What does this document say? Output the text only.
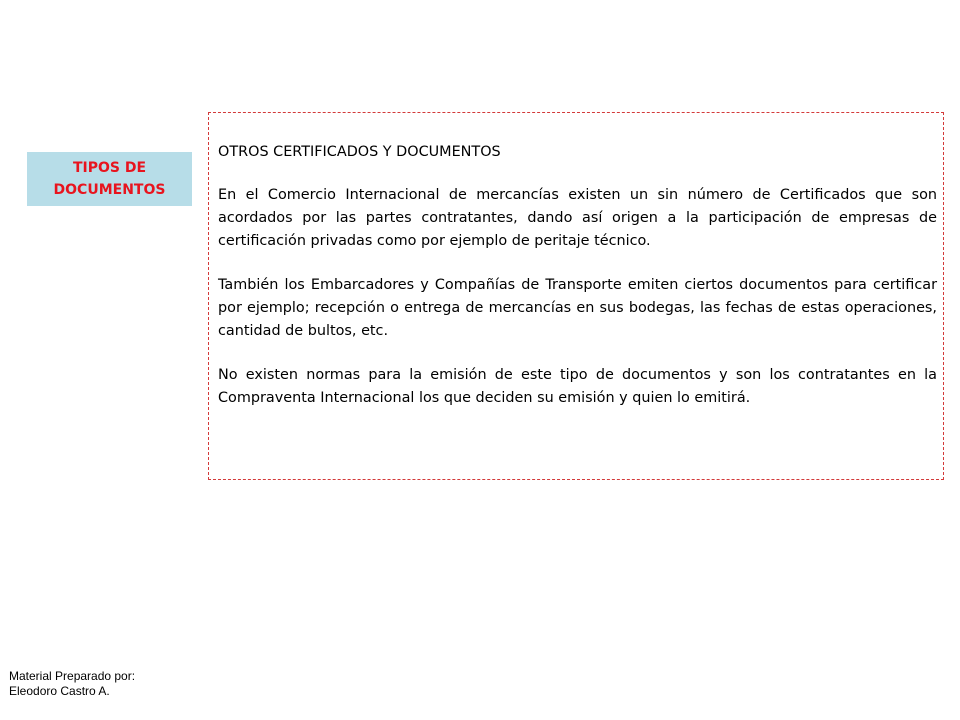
TIPOS DE
DOCUMENTOS
OTROS CERTIFICADOS Y DOCUMENTOS

En el Comercio Internacional de mercancías existen un sin número de Certificados que son acordados por las partes contratantes, dando así origen a la participación de empresas de certificación privadas como por ejemplo de peritaje técnico.

También los Embarcadores y Compañías de Transporte emiten ciertos documentos para certificar por ejemplo; recepción o entrega de mercancías en sus bodegas, las fechas de estas operaciones, cantidad de bultos, etc.

No existen normas para la emisión de este tipo de documentos y son los contratantes en la Compraventa Internacional los que deciden su emisión y quien lo emitirá.

Material Preparado por:
Eleodoro Castro A.
